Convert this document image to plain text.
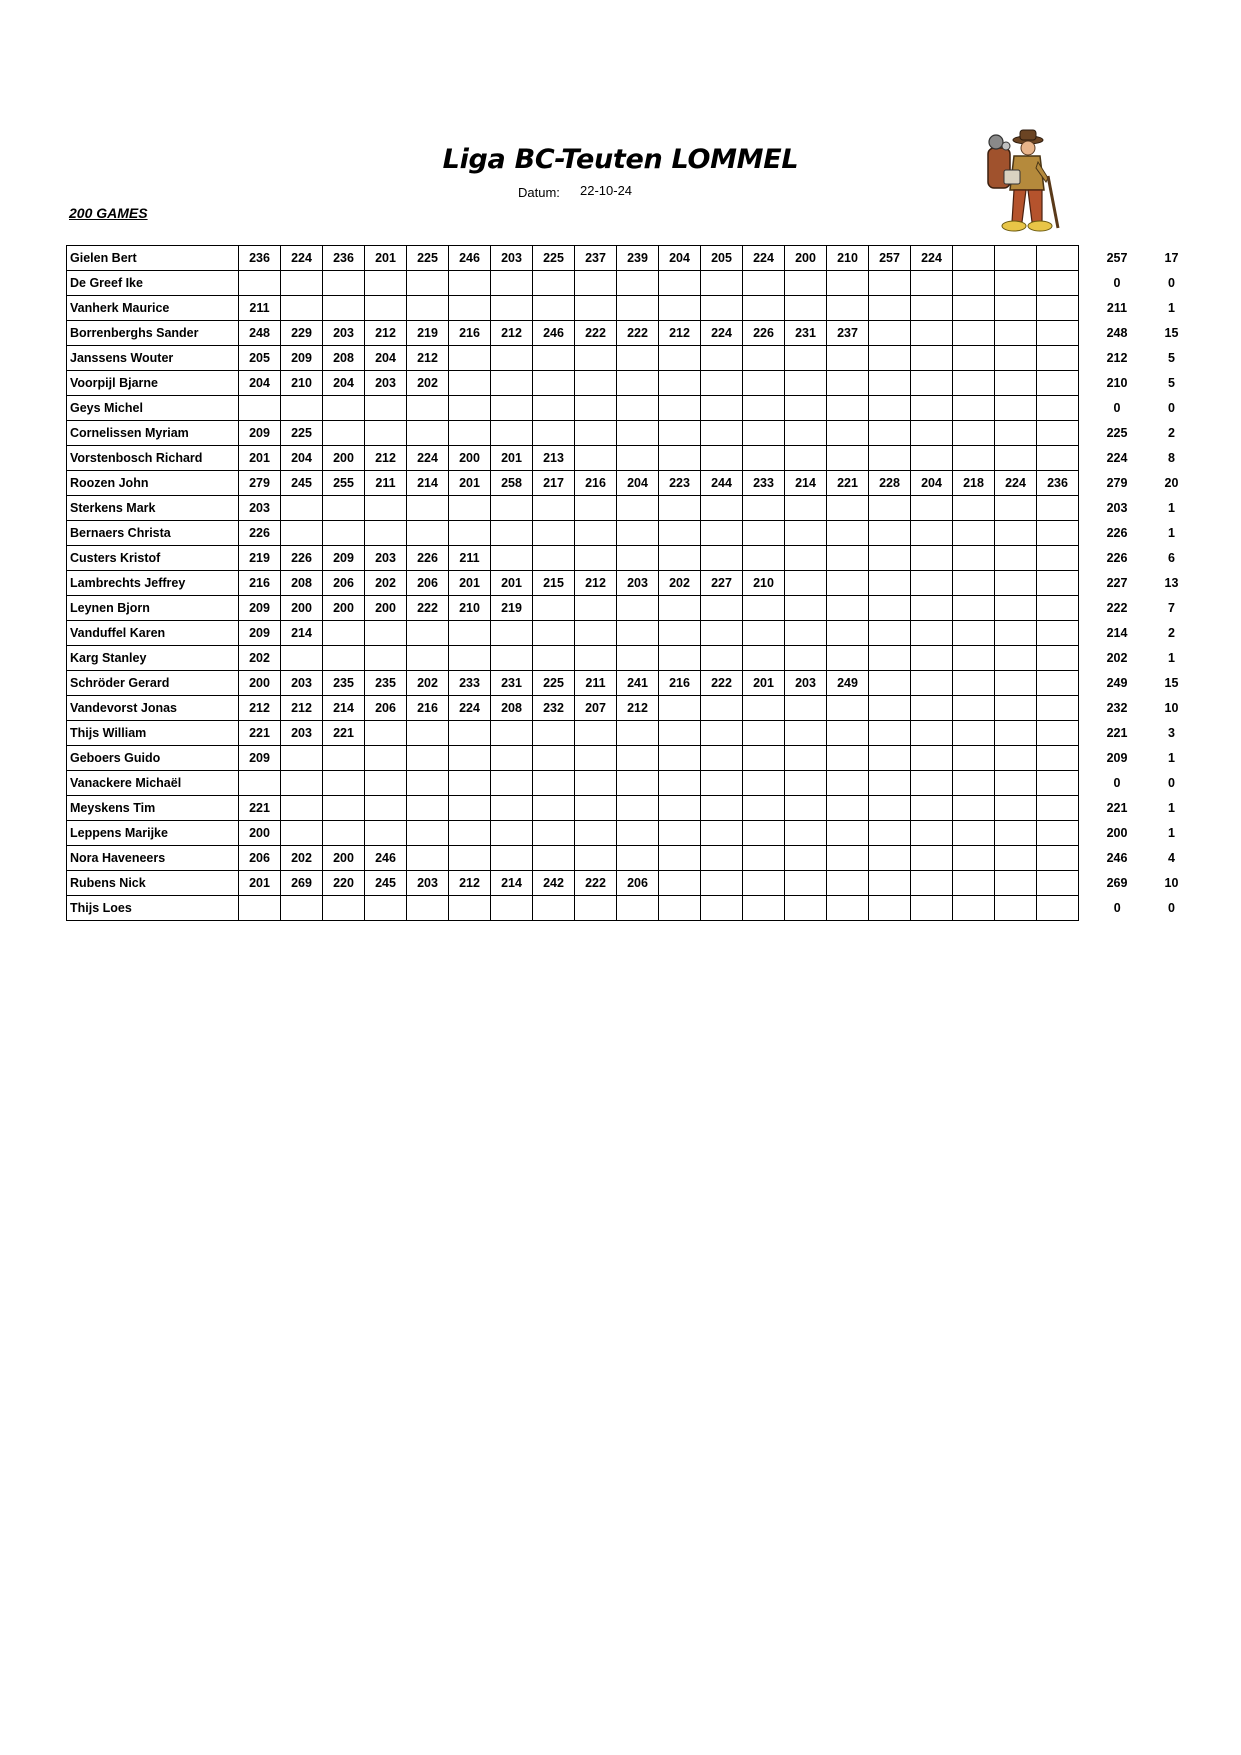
Liga BC-Teuten LOMMEL
Datum: 22-10-24
200 GAMES
Gielen Bert	236	224	236	201	225	246	203	225	237	239	204	205	224	200	210	257	224					257	17
De Greef Ike																						0	0
Vanherk Maurice	211																					211	1
Borrenberghs Sander	248	229	203	212	219	216	212	246	222	222	212	224	226	231	237							248	15
Janssens Wouter	205	209	208	204	212																	212	5
Voorpijl Bjarne	204	210	204	203	202																	210	5
Geys Michel																						0	0
Cornelissen Myriam	209	225																				225	2
Vorstenbosch Richard	201	204	200	212	224	200	201	213														224	8
Roozen John	279	245	255	211	214	201	258	217	216	204	223	244	233	214	221	228	204	218	224	236		279	20
Sterkens Mark	203																					203	1
Bernaers Christa	226																					226	1
Custers Kristof	219	226	209	203	226	211																226	6
Lambrechts Jeffrey	216	208	206	202	206	201	201	215	212	203	202	227	210									227	13
Leynen Bjorn	209	200	200	200	222	210	219															222	7
Vanduffel Karen	209	214																				214	2
Karg Stanley	202																					202	1
Schröder Gerard	200	203	235	235	202	233	231	225	211	241	216	222	201	203	249							249	15
Vandevorst Jonas	212	212	214	206	216	224	208	232	207	212												232	10
Thijs William	221	203	221																			221	3
Geboers Guido	209																					209	1
Vanackere Michaël																						0	0
Meyskens Tim	221																					221	1
Leppens Marijke	200																					200	1
Nora Haveneers	206	202	200	246																		246	4
Rubens Nick	201	269	220	245	203	212	214	242	222	206												269	10
Thijs Loes																						0	0
